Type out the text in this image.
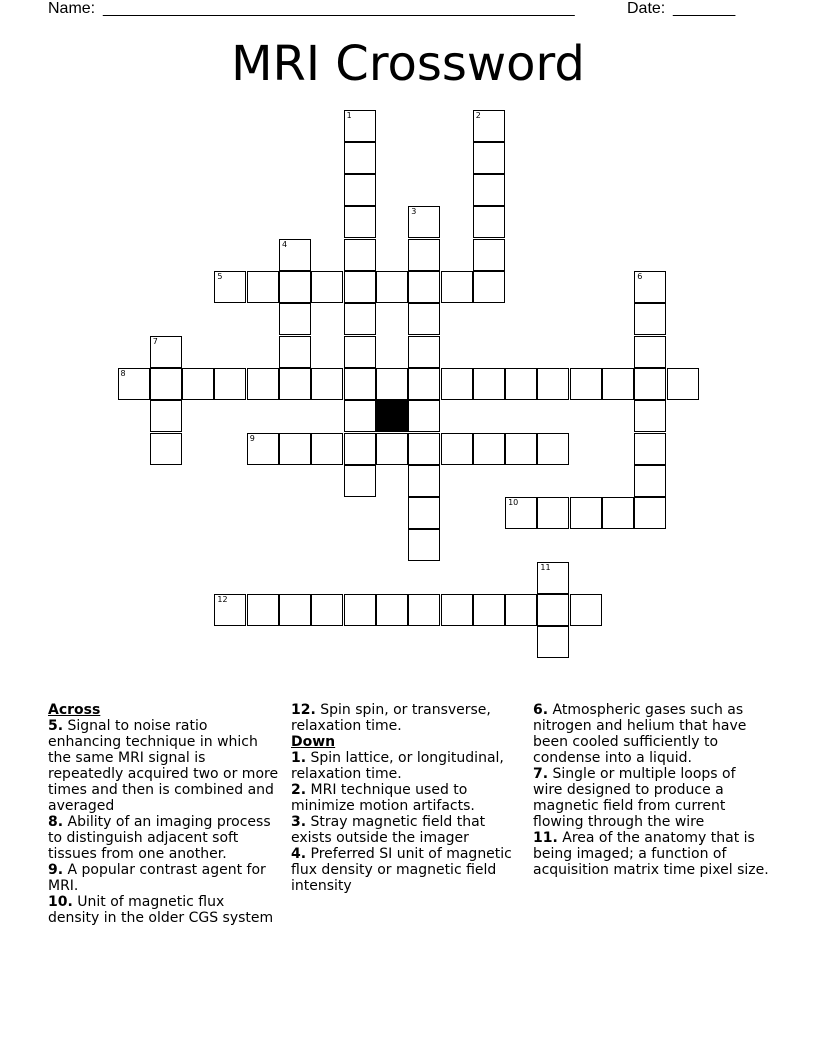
Name: _____________________________________________________	Date: _______
MRI Crossword
1	2
3
4
5	6
7
8
9
10
11
12
Across
5. Signal to noise ratio enhancing technique in which the same MRI signal is repeatedly acquired two or more times and then is combined and averaged
8. Ability of an imaging process to distinguish adjacent soft tissues from one another.
9. A popular contrast agent for MRI.
10. Unit of magnetic flux density in the older CGS system
12. Spin spin, or transverse, relaxation time.
Down
1. Spin lattice, or longitudinal, relaxation time.
2. MRI technique used to minimize motion artifacts.
3. Stray magnetic field that exists outside the imager
4. Preferred SI unit of magnetic flux density or magnetic field intensity
6. Atmospheric gases such as nitrogen and helium that have been cooled sufficiently to condense into a liquid.
7. Single or multiple loops of wire designed to produce a magnetic field from current flowing through the wire
11. Area of the anatomy that is being imaged; a function of acquisition matrix time pixel size.
